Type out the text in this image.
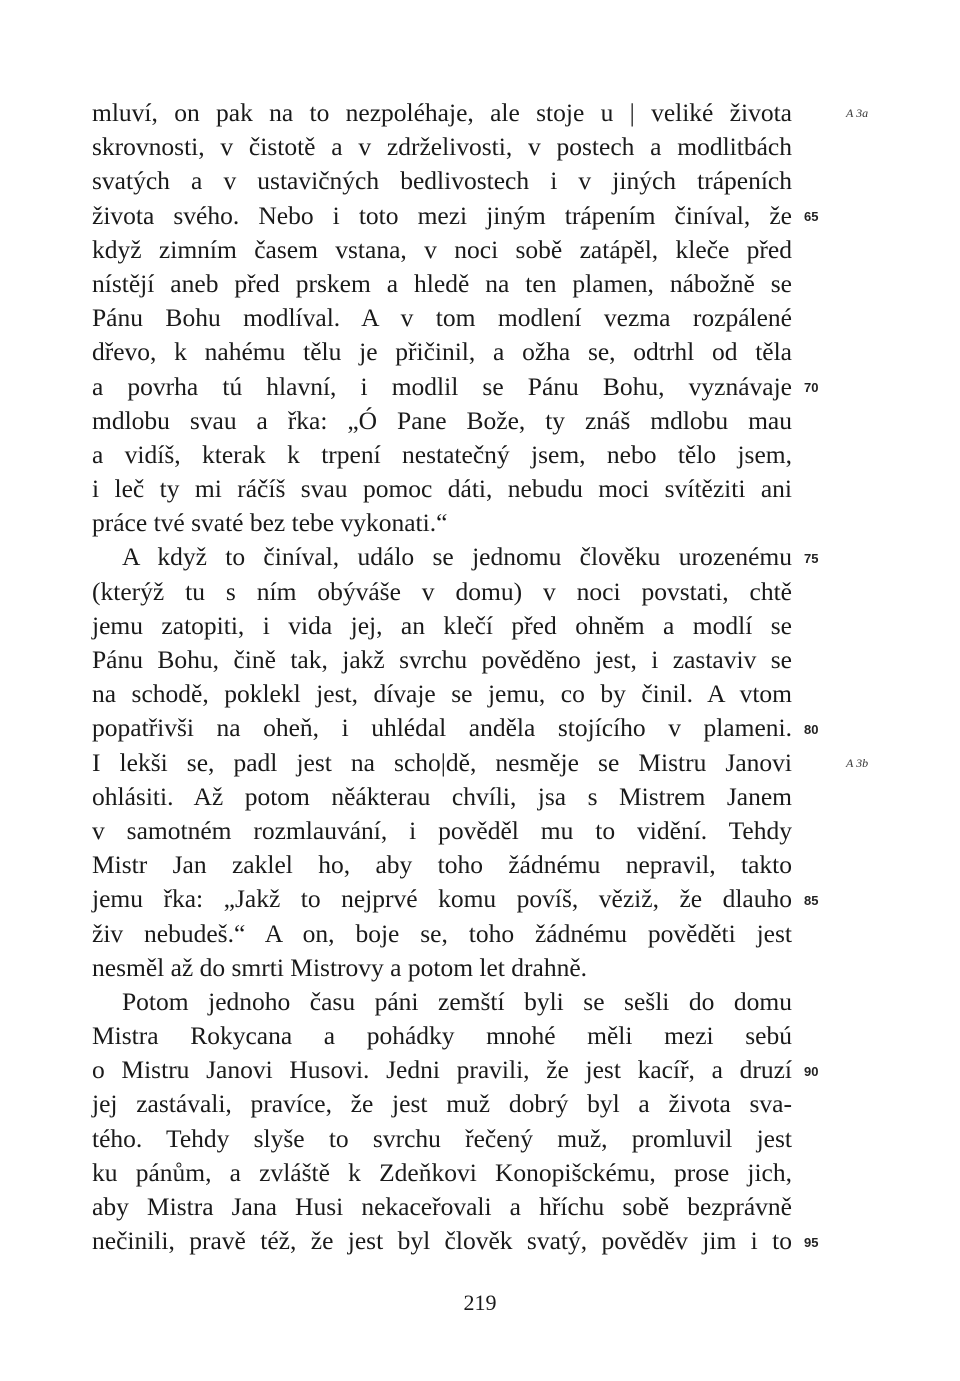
mluví, on pak na to nezpoléhaje, ale stoje u | veliké života
skrovnosti, v čistotě a v zdrželivosti, v postech a modlitbách
svatých a v ustavičných bedlivostech i v jiných trápeních
života svého. Nebo i toto mezi jiným trápením činíval, že
když zimním časem vstana, v noci sobě zatápěl, kleče před
nístějí aneb před prskem a hledě na ten plamen, nábožně se
Pánu Bohu modlíval. A v tom modlení vezma rozpálené
dřevo, k nahému tělu je přičinil, a ožha se, odtrhl od těla
a povrha tú hlavní, i modlil se Pánu Bohu, vyznávaje
mdlobu svau a řka: „Ó Pane Bože, ty znáš mdlobu mau
a vidíš, kterak k trpení nestatečný jsem, nebo tělo jsem,
i leč ty mi ráčíš svau pomoc dáti, nebudu moci svítěziti ani
práce tvé svaté bez tebe vykonati.“
A když to činíval, událo se jednomu člověku urozenému
(kterýž tu s ním obýváše v domu) v noci povstati, chtě
jemu zatopiti, i vida jej, an klečí před ohněm a modlí se
Pánu Bohu, čině tak, jakž svrchu pověděno jest, i zastaviv se
na schodě, poklekl jest, dívaje se jemu, co by činil. A vtom
popatřivši na oheň, i uhlédal anděla stojícího v plameni.
I lekši se, padl jest na scho|dě, nesměje se Mistru Janovi
ohlásiti. Až potom něákterau chvíli, jsa s Mistrem Janem
v samotném rozmlauvání, i pověděl mu to vidění. Tehdy
Mistr Jan zaklel ho, aby toho žádnému nepravil, takto
jemu řka: „Jakž to nejprvé komu povíš, věziž, že dlauho
živ nebudeš.“ A on, boje se, toho žádnému pověděti jest
nesměl až do smrti Mistrovy a potom let drahně.
Potom jednoho času páni zemští byli se sešli do domu
Mistra Rokycana a pohádky mnohé měli mezi sebú
o Mistru Janovi Husovi. Jedni pravili, že jest kacíř, a druzí
jej zastávali, pravíce, že jest muž dobrý byl a života sva-
tého. Tehdy slyše to svrchu řečený muž, promluvil jest
ku pánům, a zvláště k Zdeňkovi Konopišckému, prose jich,
aby Mistra Jana Husi nekaceřovali a hříchu sobě bezprávně
nečinili, pravě též, že jest byl člověk svatý, pověděv jim i to
65
70
75
80
85
90
95
A 3a
A 3b
219
